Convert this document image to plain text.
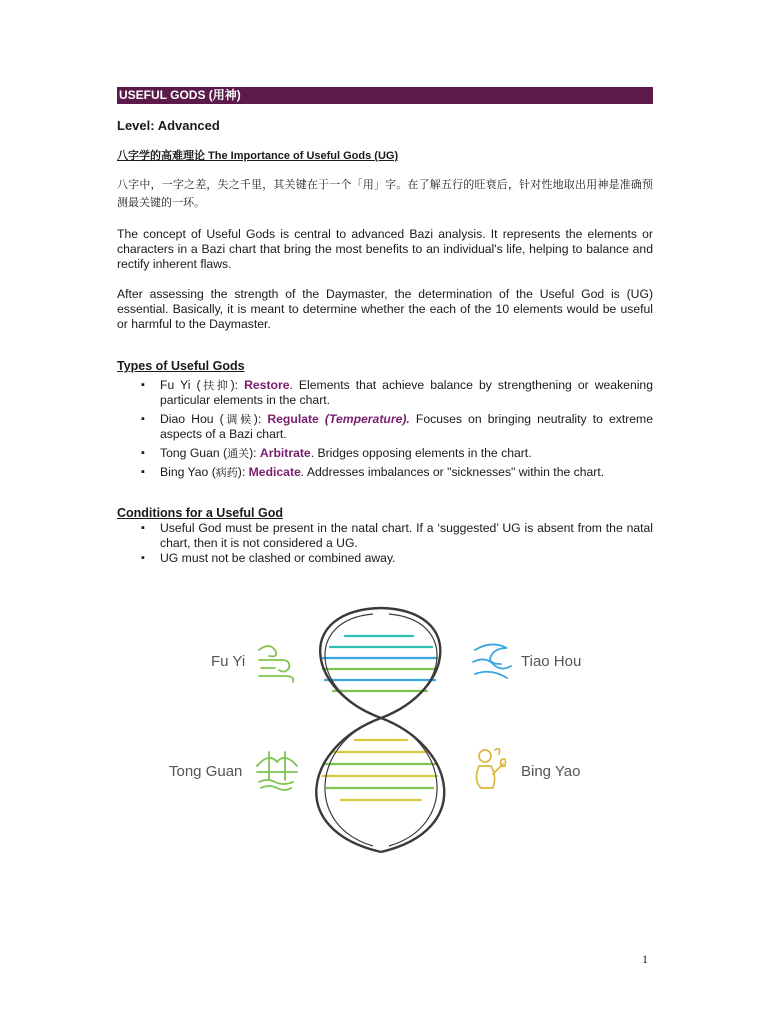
USEFUL GODS (用神)
Level: Advanced
八字学的高难理论 The Importance of Useful Gods (UG)
八字中，一字之差，失之千里，其关键在于一个「用」字。在了解五行的旺衰后，针对性地取出用神是准确预测最关键的一环。
The concept of Useful Gods is central to advanced Bazi analysis. It represents the elements or characters in a Bazi chart that bring the most benefits to an individual's life, helping to balance and rectify inherent flaws.
After assessing the strength of the Daymaster, the determination of the Useful God is (UG) essential. Basically, it is meant to determine whether the each of the 10 elements would be useful or harmful to the Daymaster.
Types of Useful Gods
▪ Fu Yi (扶抑): Restore. Elements that achieve balance by strengthening or weakening particular elements in the chart.
▪ Diao Hou (调候): Regulate (Temperature). Focuses on bringing neutrality to extreme aspects of a Bazi chart.
▪ Tong Guan (通关): Arbitrate. Bridges opposing elements in the chart.
▪ Bing Yao (病药): Medicate. Addresses imbalances or "sicknesses" within the chart.
Conditions for a Useful God
▪ Useful God must be present in the natal chart. If a ‘suggested’ UG is absent from the natal chart, then it is not considered a UG.
▪ UG must not be clashed or combined away.
Fu Yi	Tiao Hou
Tong Guan	Bing Yao
1
